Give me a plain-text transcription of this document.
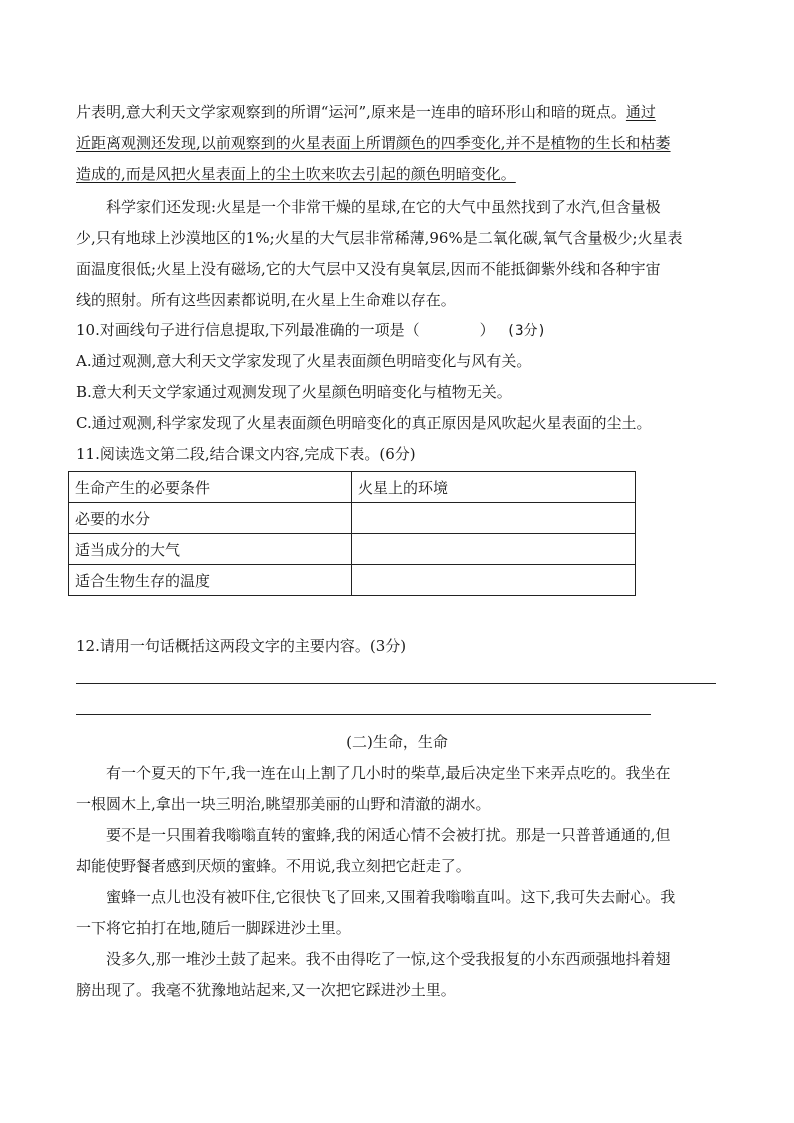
片表明,意大利天文学家观察到的所谓“运河”,原来是一连串的暗环形山和暗的斑点。通过
近距离观测还发现,以前观察到的火星表面上所谓颜色的四季变化,并不是植物的生长和枯萎
造成的,而是风把火星表面上的尘土吹来吹去引起的颜色明暗变化。
科学家们还发现:火星是一个非常干燥的星球,在它的大气中虽然找到了水汽,但含量极
少,只有地球上沙漠地区的1%;火星的大气层非常稀薄,96%是二氧化碳,氧气含量极少;火星表
面温度很低;火星上没有磁场,它的大气层中又没有臭氧层,因而不能抵御紫外线和各种宇宙
线的照射。所有这些因素都说明,在火星上生命难以存在。
10.对画线句子进行信息提取,下列最准确的一项是（	） (3分)
A.通过观测,意大利天文学家发现了火星表面颜色明暗变化与风有关。
B.意大利天文学家通过观测发现了火星颜色明暗变化与植物无关。
C.通过观测,科学家发现了火星表面颜色明暗变化的真正原因是风吹起火星表面的尘土。
11.阅读选文第二段,结合课文内容,完成下表。(6分)
生命产生的必要条件	火星上的环境
必要的水分	
适当成分的大气	
适合生物生存的温度	
12.请用一句话概括这两段文字的主要内容。(3分)
(二)生命，生命
有一个夏天的下午,我一连在山上割了几小时的柴草,最后决定坐下来弄点吃的。我坐在
一根圆木上,拿出一块三明治,眺望那美丽的山野和清澈的湖水。
要不是一只围着我嗡嗡直转的蜜蜂,我的闲适心情不会被打扰。那是一只普普通通的,但
却能使野餐者感到厌烦的蜜蜂。不用说,我立刻把它赶走了。
蜜蜂一点儿也没有被吓住,它很快飞了回来,又围着我嗡嗡直叫。这下,我可失去耐心。我
一下将它拍打在地,随后一脚踩进沙土里。
没多久,那一堆沙土鼓了起来。我不由得吃了一惊,这个受我报复的小东西顽强地抖着翅
膀出现了。我毫不犹豫地站起来,又一次把它踩进沙土里。
